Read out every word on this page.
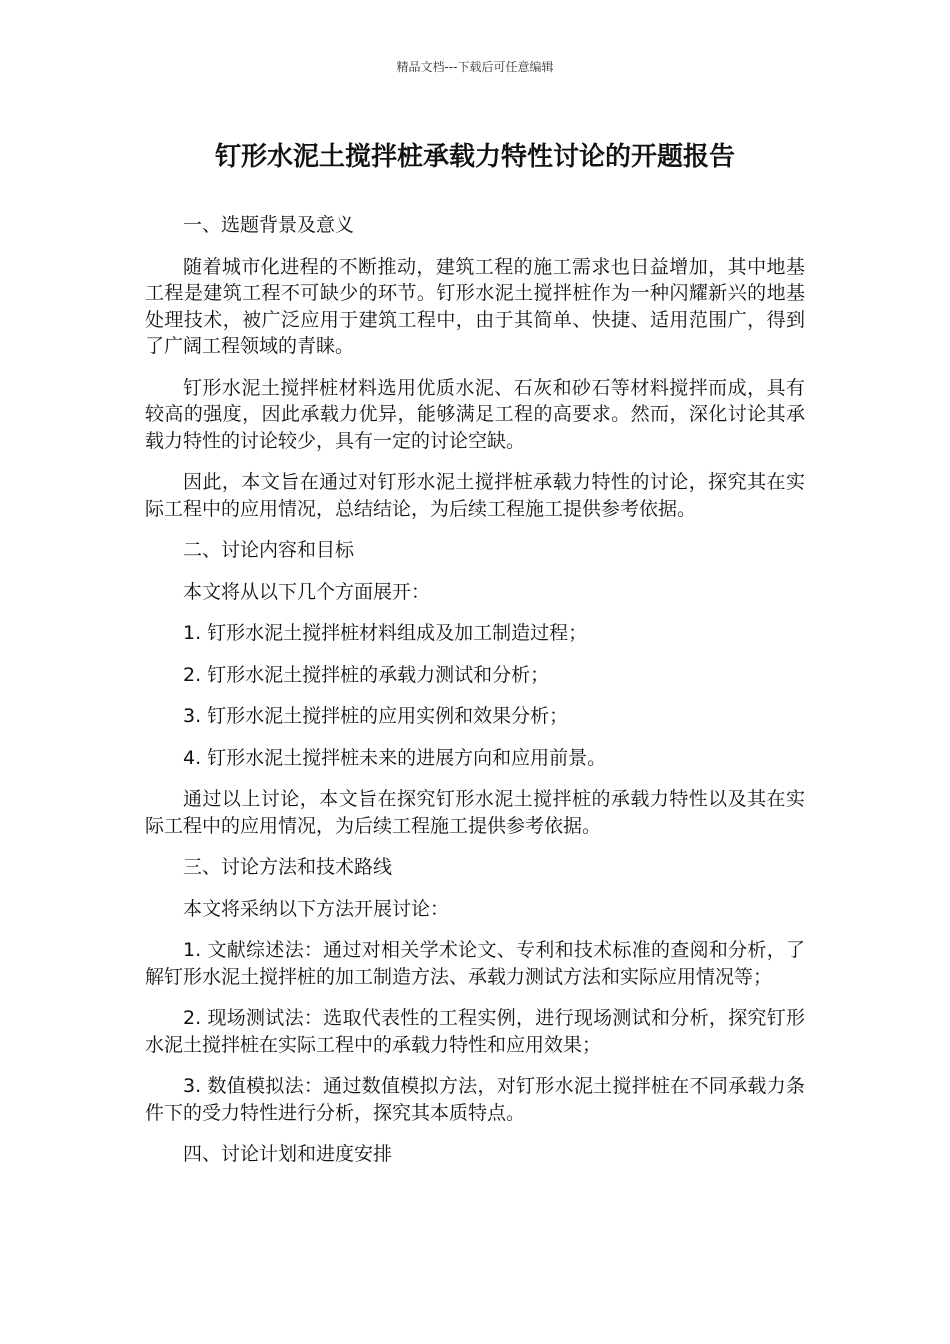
精品文档---下载后可任意编辑
钉形水泥土搅拌桩承载力特性讨论的开题报告

一、选题背景及意义

随着城市化进程的不断推动，建筑工程的施工需求也日益增加，其中地基工程是建筑工程不可缺少的环节。钉形水泥土搅拌桩作为一种闪耀新兴的地基处理技术，被广泛应用于建筑工程中，由于其简单、快捷、适用范围广，得到了广阔工程领域的青睐。

钉形水泥土搅拌桩材料选用优质水泥、石灰和砂石等材料搅拌而成，具有较高的强度，因此承载力优异，能够满足工程的高要求。然而，深化讨论其承载力特性的讨论较少，具有一定的讨论空缺。

因此，本文旨在通过对钉形水泥土搅拌桩承载力特性的讨论，探究其在实际工程中的应用情况，总结结论，为后续工程施工提供参考依据。

二、讨论内容和目标

本文将从以下几个方面展开：

1. 钉形水泥土搅拌桩材料组成及加工制造过程；

2. 钉形水泥土搅拌桩的承载力测试和分析；

3. 钉形水泥土搅拌桩的应用实例和效果分析；

4. 钉形水泥土搅拌桩未来的进展方向和应用前景。

通过以上讨论，本文旨在探究钉形水泥土搅拌桩的承载力特性以及其在实际工程中的应用情况，为后续工程施工提供参考依据。

三、讨论方法和技术路线

本文将采纳以下方法开展讨论：

1. 文献综述法：通过对相关学术论文、专利和技术标准的查阅和分析，了解钉形水泥土搅拌桩的加工制造方法、承载力测试方法和实际应用情况等；

2. 现场测试法：选取代表性的工程实例，进行现场测试和分析，探究钉形水泥土搅拌桩在实际工程中的承载力特性和应用效果；

3. 数值模拟法：通过数值模拟方法，对钉形水泥土搅拌桩在不同承载力条件下的受力特性进行分析，探究其本质特点。

四、讨论计划和进度安排
